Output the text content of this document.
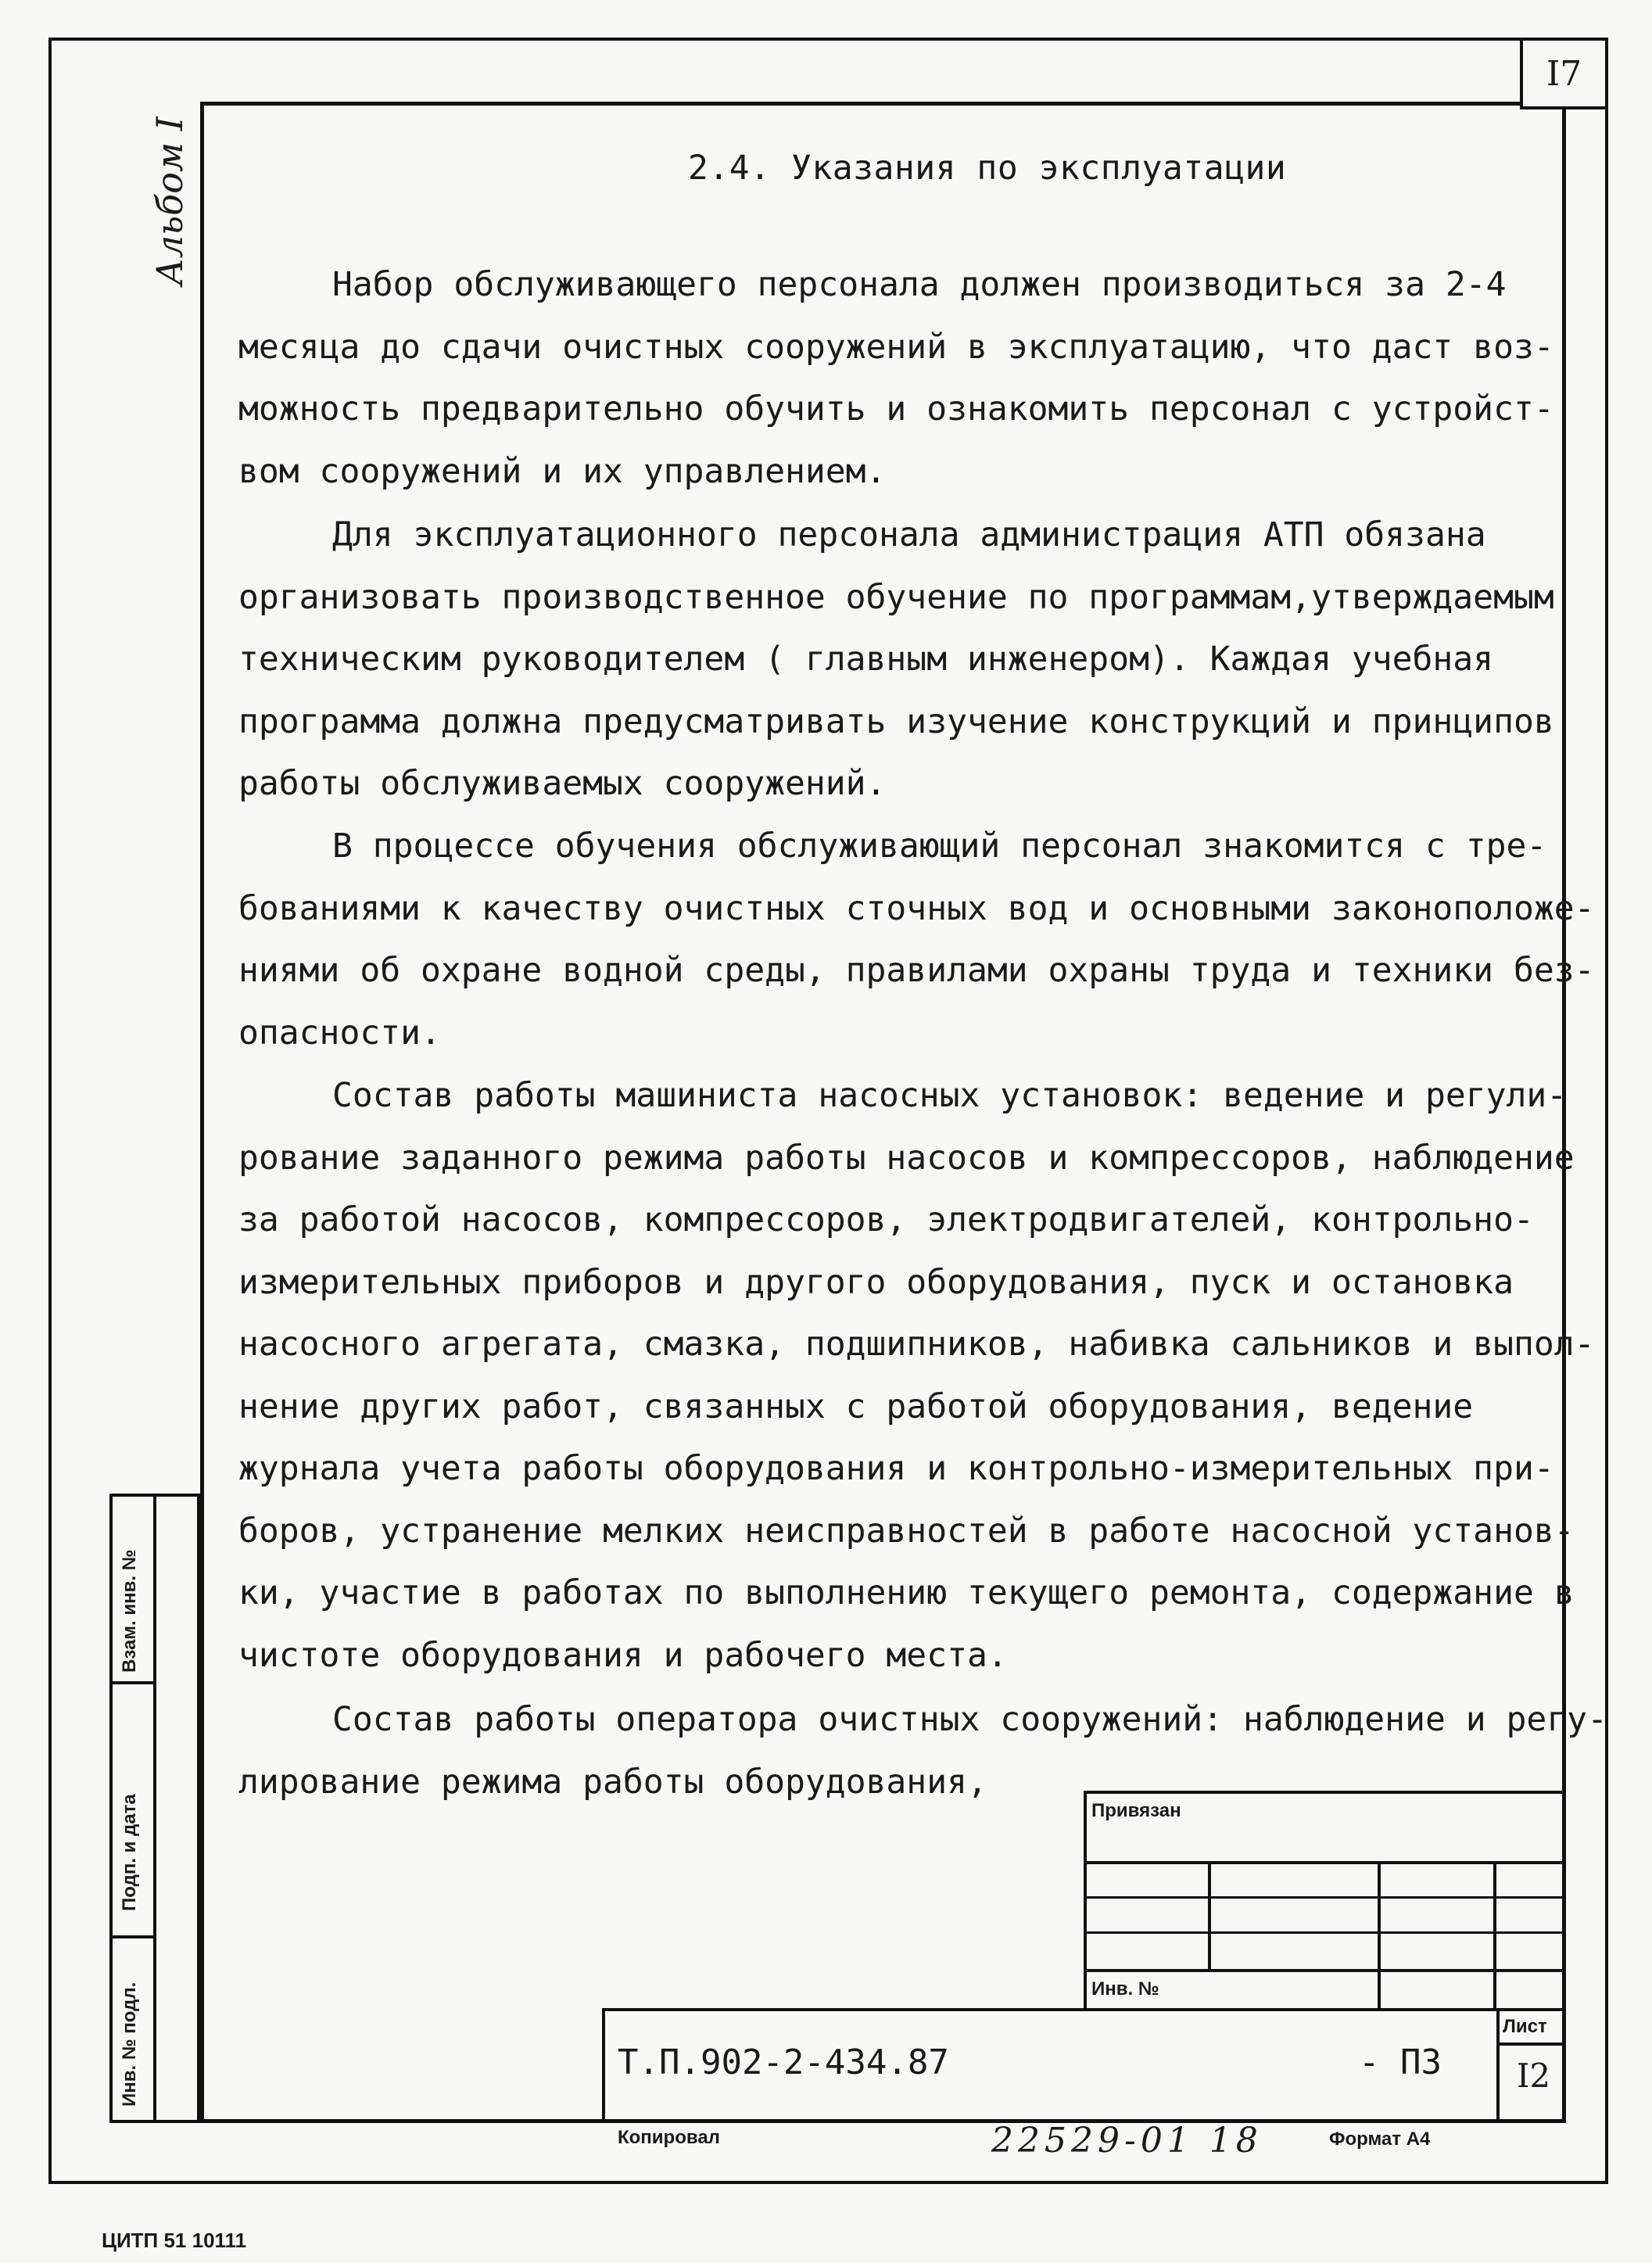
I7
Альбом I	2.4. Указания по эксплуатации
Набор обслуживающего персонала должен производиться за 2-4
месяца до сдачи очистных сооружений в эксплуатацию, что даст воз-
можность предварительно обучить и ознакомить персонал с устройст-
вом сооружений и их управлением.
Для эксплуатационного персонала администрация АТП обязана
организовать производственное обучение по программам,утверждаемым
техническим руководителем ( главным инженером). Каждая учебная
программа должна предусматривать изучение конструкций и принципов
работы обслуживаемых сооружений.
В процессе обучения обслуживающий персонал знакомится с тре-
бованиями к качеству очистных сточных вод и основными законоположе-
ниями об охране водной среды, правилами охраны труда и техники без-
опасности.
Состав работы машиниста насосных установок: ведение и регули-
рование заданного режима работы насосов и компрессоров, наблюдение
за работой насосов, компрессоров, электродвигателей, контрольно-
измерительных приборов и другого оборудования, пуск и остановка
насосного агрегата, смазка, подшипников, набивка сальников и выпол-
нение других работ, связанных с работой оборудования, ведение
журнала учета работы оборудования и контрольно-измерительных при-
боров, устранение мелких неисправностей в работе насосной установ-
ки, участие в работах по выполнению текущего ремонта, содержание в
чистоте оборудования и рабочего места.
Состав работы оператора очистных сооружений: наблюдение и регу-
лирование режима работы оборудования,
Взам. инв. №
Подп. и дата
Инв. № подл.
Привязан
Инв. №
Т.П.902-2-434.87	- ПЗ
Лист
I2
Копировал	22529-01 18	Формат А4
ЦИТП 51 10111
